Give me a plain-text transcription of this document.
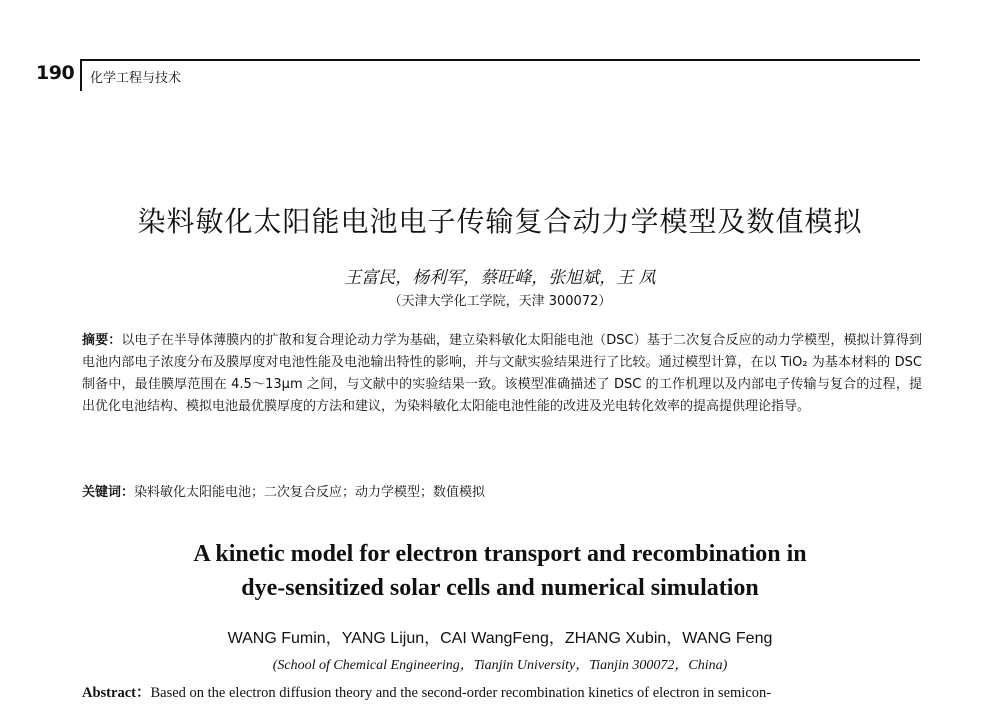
190 化学工程与技术
染料敏化太阳能电池电子传输复合动力学模型及数值模拟
王富民，杨利军，蔡旺峰，张旭斌，王 凤
（天津大学化工学院，天津 300072）
摘要：以电子在半导体薄膜内的扩散和复合理论动力学为基础，建立染料敏化太阳能电池（DSC）基于二次复合反应的动力学模型，模拟计算得到电池内部电子浓度分布及膜厚度对电池性能及电池输出特性的影响，并与文献实验结果进行了比较。通过模型计算，在以 TiO₂ 为基本材料的 DSC 制备中，最佳膜厚范围在 4.5～13μm 之间，与文献中的实验结果一致。该模型准确描述了 DSC 的工作机理以及内部电子传输与复合的过程，提出优化电池结构、模拟电池最优膜厚度的方法和建议，为染料敏化太阳能电池性能的改进及光电转化效率的提高提供理论指导。
关键词：染料敏化太阳能电池；二次复合反应；动力学模型；数值模拟
A kinetic model for electron transport and recombination in
dye-sensitized solar cells and numerical simulation
WANG Fumin，YANG Lijun，CAI WangFeng，ZHANG Xubin，WANG Feng
(School of Chemical Engineering，Tianjin University，Tianjin 300072，China)
Abstract：Based on the electron diffusion theory and the second-order recombination kinetics of electron in semicon-
